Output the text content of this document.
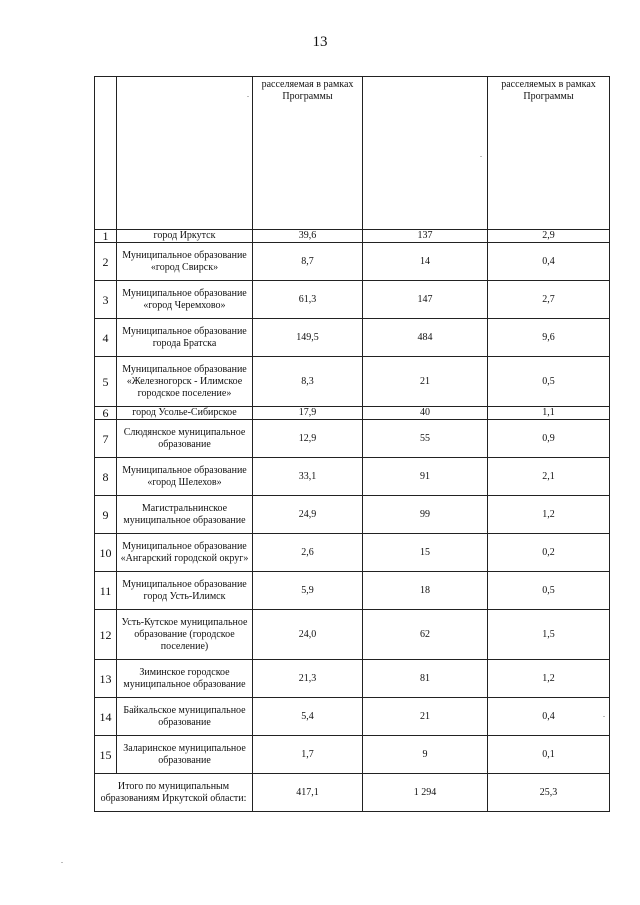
13
		расселяемая в рамках Программы		расселяемых в рамках Программы
1	город Иркутск	39,6	137	2,9
2	Муниципальное образование «город Свирск»	8,7	14	0,4
3	Муниципальное образование «город Черемхово»	61,3	147	2,7
4	Муниципальное образование города Братска	149,5	484	9,6
5	Муниципальное образование «Железногорск - Илимское городское поселение»	8,3	21	0,5
6	город Усолье-Сибирское	17,9	40	1,1
7	Слюдянское муниципальное образование	12,9	55	0,9
8	Муниципальное образование «город Шелехов»	33,1	91	2,1
9	Магистральнинское муниципальное образование	24,9	99	1,2
10	Муниципальное образование «Ангарский городской округ»	2,6	15	0,2
11	Муниципальное образование город Усть-Илимск	5,9	18	0,5
12	Усть-Кутское муниципальное образование (городское поселение)	24,0	62	1,5
13	Зиминское городское муниципальное образование	21,3	81	1,2
14	Байкальское муниципальное образование	5,4	21	0,4
15	Заларинское муниципальное образование	1,7	9	0,1
Итого по муниципальным образованиям Иркутской области:		417,1	1 294	25,3
